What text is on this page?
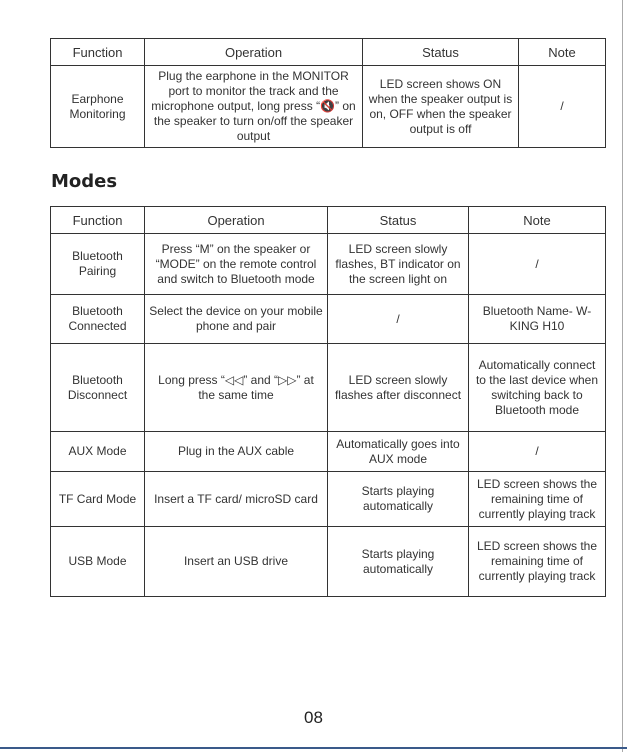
Function	Operation	Status	Note
Earphone Monitoring	Plug the earphone in the MONITOR port to monitor the track and the microphone output, long press “🔇” on the speaker to turn on/off the speaker output	LED screen shows ON when the speaker output is on, OFF when the speaker output is off	/
Modes
Function	Operation	Status	Note
Bluetooth Pairing	Press “M” on the speaker or “MODE” on the remote control and switch to Bluetooth mode	LED screen slowly flashes, BT indicator on the screen light on	/
Bluetooth Connected	Select the device on your mobile phone and pair	/	Bluetooth Name- W-KING H10
Bluetooth Disconnect	Long press “◁◁” and “▷▷” at the same time	LED screen slowly flashes after disconnect	Automatically connect to the last device when switching back to Bluetooth mode
AUX Mode	Plug in the AUX cable	Automatically goes into AUX mode	/
TF Card Mode	Insert a TF card/ microSD card	Starts playing automatically	LED screen shows the remaining time of currently playing track
USB Mode	Insert an USB drive	Starts playing automatically	LED screen shows the remaining time of currently playing track
08
